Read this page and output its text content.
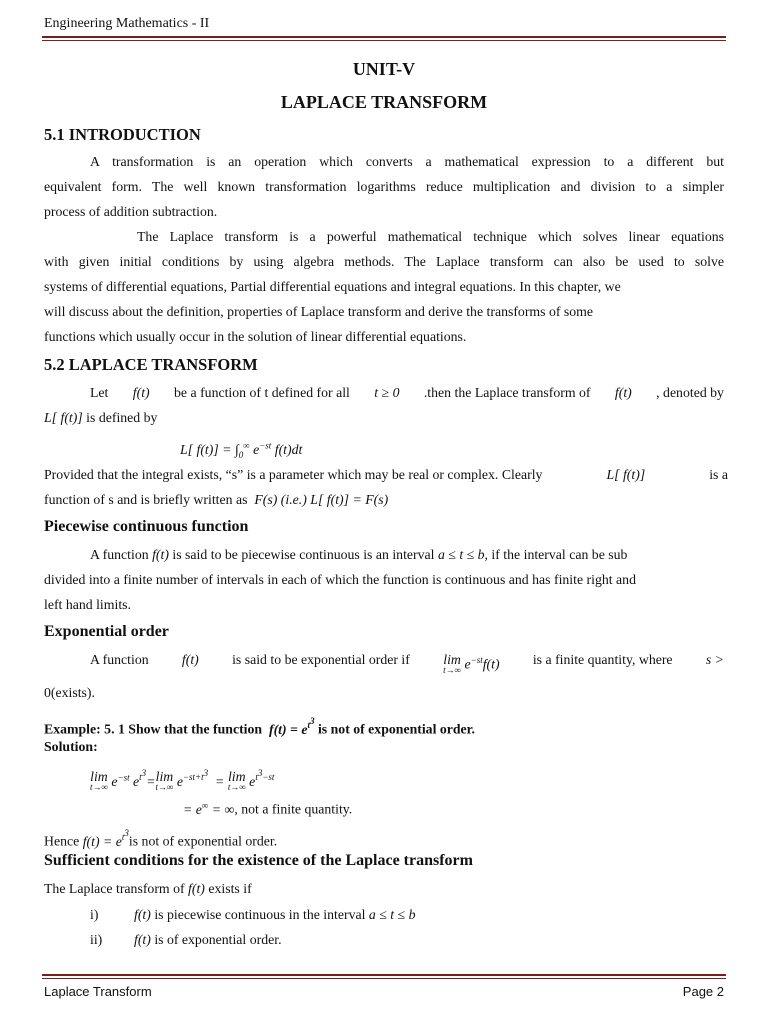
Engineering Mathematics - II
UNIT-V
LAPLACE TRANSFORM
5.1 INTRODUCTION
A transformation is an operation which converts a mathematical expression to a different but
equivalent form. The well known transformation logarithms reduce multiplication and division to a simpler
process of addition subtraction.
The Laplace transform is a powerful mathematical technique which solves linear equations
with given initial conditions by using algebra methods. The Laplace transform can also be used to solve
systems of differential equations, Partial differential equations and integral equations. In this chapter, we
will discuss about the definition, properties of Laplace transform and derive the transforms of some
functions which usually occur in the solution of linear differential equations.
5.2 LAPLACE TRANSFORM
Let f(t) be a function of t defined for all t ≥ 0 .then the Laplace transform of f(t) , denoted by
L[ f(t)] is defined by
L[ $f(t)] = \int_0^\infty$ $e^{-st}$ f(t)dt
Provided that the integral exists, “s” is a parameter which may be real or complex. Clearly	L[ f(t)]	is a
function of s and is briefly written as  F(s) (i.e.) L[ f(t)] = F(s)
Piecewise continuous function
A function f(t) is said to be piecewise continuous is an interval a ≤ t ≤ b, if the interval can be sub
divided into a finite number of intervals in each of which the function is continuous and has finite right and
left hand limits.
Exponential order
A function f(t) is said to be exponential order if lim
t→∞ $e^{-st}f(t)$ is a finite quantity, where s >
0(exists).
Example: 5. 1 Show that the function  $f(t) = e^{t^3}$ is not of exponential order.
Solution:
lim
t→∞ $e^{-st}$ $e^{t^3}=\lim$
t→∞ $e^{-st+t^3} = \lim$
t→∞ $e^{t^3-st}$
= e∞ = ∞, not a finite quantity.
Hence $f(t) = e^{t^3}is$ not of exponential order.
Sufficient conditions for the existence of the Laplace transform
The Laplace transform of f(t) exists if
i)	f(t) is piecewise continuous in the interval a ≤ t ≤ b
ii) f(t) is of exponential order.
Laplace Transform	Page 2
